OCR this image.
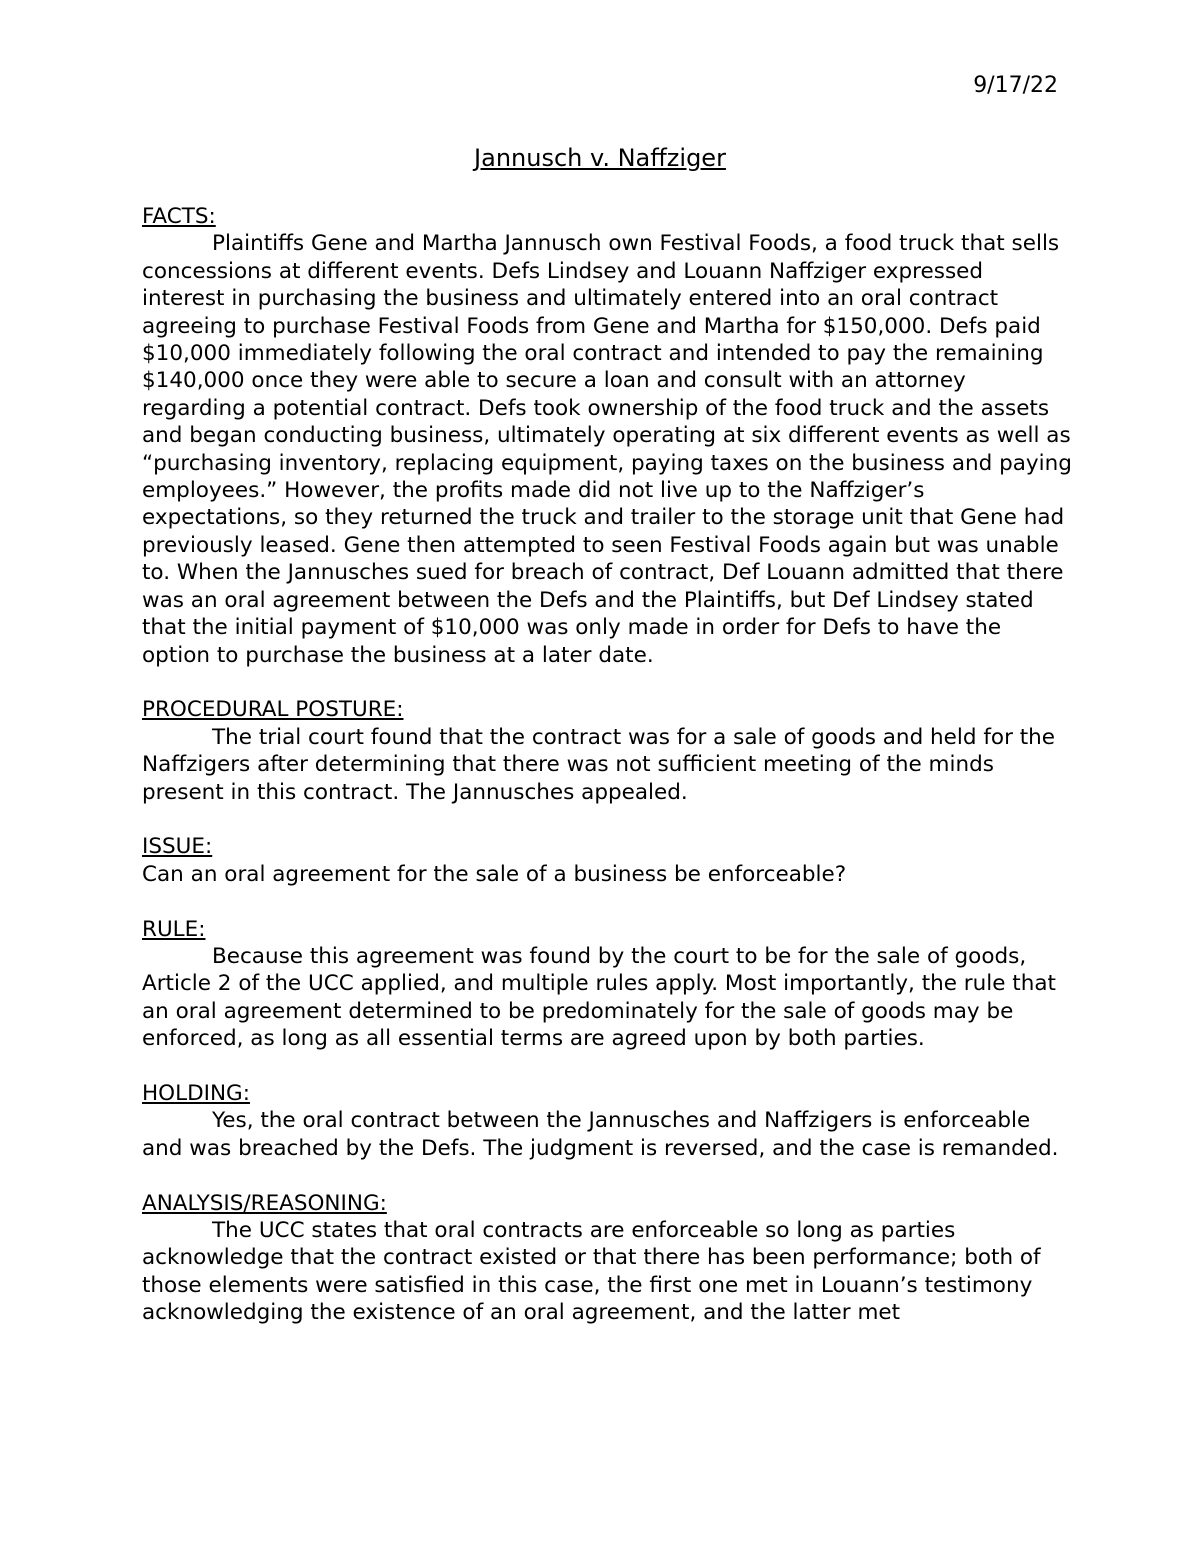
9/17/22
Jannusch v. Naffziger
FACTS:

Plaintiffs Gene and Martha Jannusch own Festival Foods, a food truck that sells concessions at different events. Defs Lindsey and Louann Naffziger expressed interest in purchasing the business and ultimately entered into an oral contract agreeing to purchase Festival Foods from Gene and Martha for $150,000. Defs paid $10,000 immediately following the oral contract and intended to pay the remaining $140,000 once they were able to secure a loan and consult with an attorney regarding a potential contract. Defs took ownership of the food truck and the assets and began conducting business, ultimately operating at six different events as well as “purchasing inventory, replacing equipment, paying taxes on the business and paying employees.” However, the profits made did not live up to the Naffziger’s expectations, so they returned the truck and trailer to the storage unit that Gene had previously leased. Gene then attempted to seen Festival Foods again but was unable to. When the Jannusches sued for breach of contract, Def Louann admitted that there was an oral agreement between the Defs and the Plaintiffs, but Def Lindsey stated that the initial payment of $10,000 was only made in order for Defs to have the option to purchase the business at a later date.

PROCEDURAL POSTURE:

The trial court found that the contract was for a sale of goods and held for the Naffzigers after determining that there was not sufficient meeting of the minds present in this contract. The Jannusches appealed.

ISSUE:

Can an oral agreement for the sale of a business be enforceable?

RULE:

Because this agreement was found by the court to be for the sale of goods, Article 2 of the UCC applied, and multiple rules apply. Most importantly, the rule that an oral agreement determined to be predominately for the sale of goods may be enforced, as long as all essential terms are agreed upon by both parties.

HOLDING:

Yes, the oral contract between the Jannusches and Naffzigers is enforceable and was breached by the Defs. The judgment is reversed, and the case is remanded.

ANALYSIS/REASONING:

The UCC states that oral contracts are enforceable so long as parties acknowledge that the contract existed or that there has been performance; both of those elements were satisfied in this case, the first one met in Louann’s testimony acknowledging the existence of an oral agreement, and the latter met
